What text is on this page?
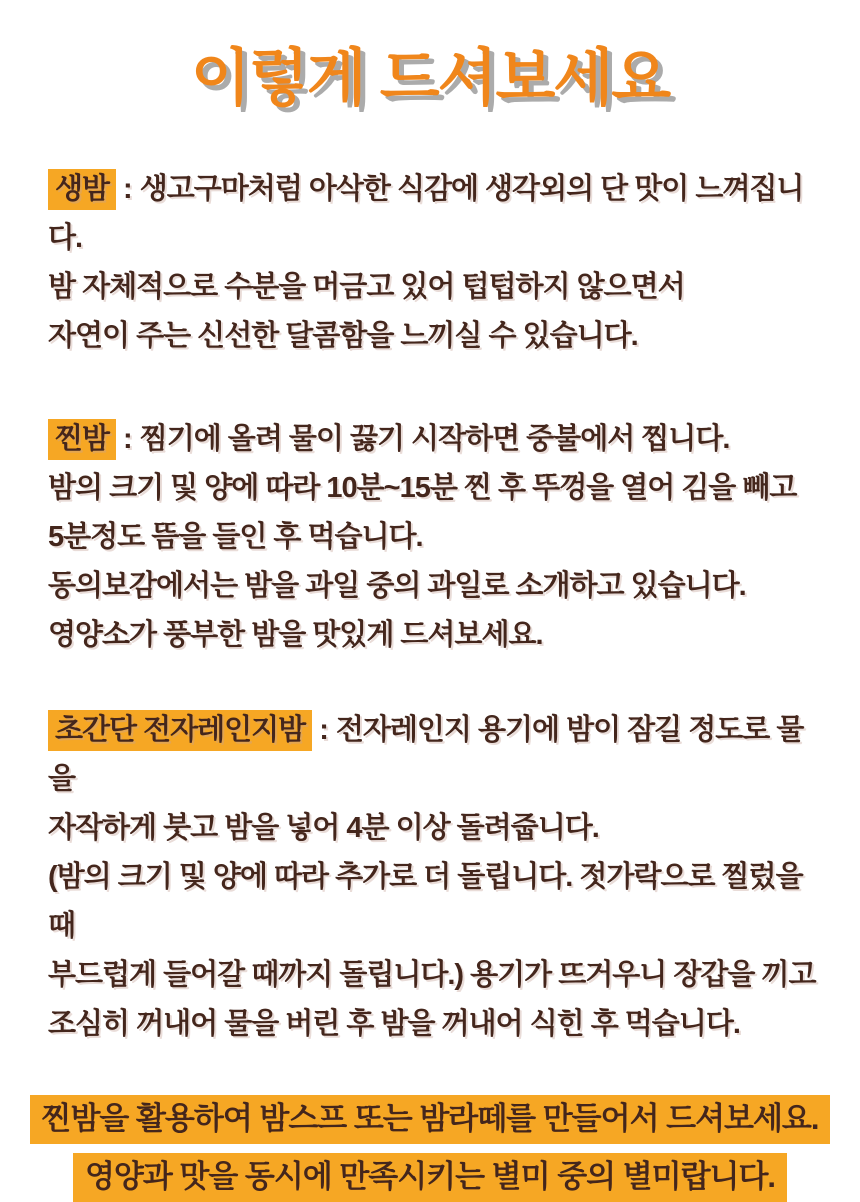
이렇게 드셔보세요

생밤 : 생고구마처럼 아삭한 식감에 생각외의 단 맛이 느껴집니다.

밤 자체적으로 수분을 머금고 있어 텁텁하지 않으면서

자연이 주는 신선한 달콤함을 느끼실 수 있습니다.

찐밤 : 찜기에 올려 물이 끓기 시작하면 중불에서 찝니다.

밤의 크기 및 양에 따라 10분~15분 찐 후 뚜껑을 열어 김을 빼고

5분정도 뜸을 들인 후 먹습니다.

동의보감에서는 밤을 과일 중의 과일로 소개하고 있습니다.

영양소가 풍부한 밤을 맛있게 드셔보세요.

초간단 전자레인지밤 : 전자레인지 용기에 밤이 잠길 정도로 물을

자작하게 붓고 밤을 넣어 4분 이상 돌려줍니다.

(밤의 크기 및 양에 따라 추가로 더 돌립니다. 젓가락으로 찔렀을 때

부드럽게 들어갈 때까지 돌립니다.) 용기가 뜨거우니 장갑을 끼고

조심히 꺼내어 물을 버린 후 밤을 꺼내어 식힌 후 먹습니다.

찐밤을 활용하여 밤스프 또는 밤라떼를 만들어서 드셔보세요.

영양과 맛을 동시에 만족시키는 별미 중의 별미랍니다.
